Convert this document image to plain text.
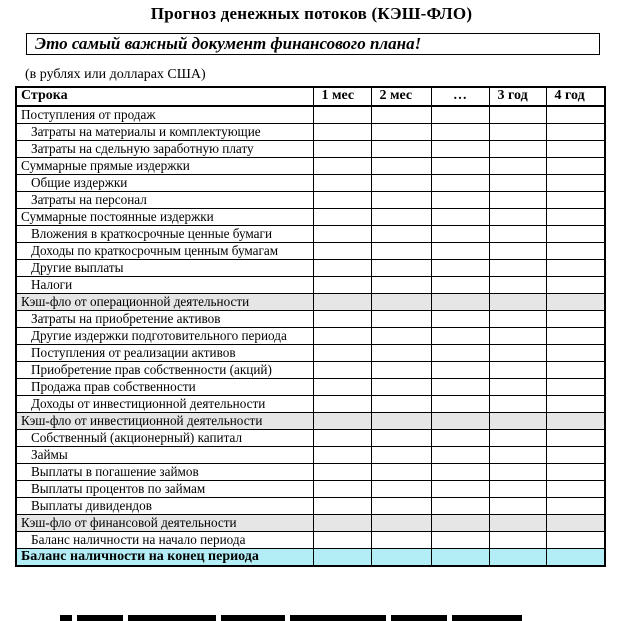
Прогноз денежных потоков (КЭШ-ФЛО)
Это самый важный документ финансового плана!
(в рублях или долларах США)
Строка	1 мес	2 мес	…	3 год	4 год
Поступления от продаж					
Затраты на материалы и комплектующие					
Затраты на сдельную заработную плату					
Суммарные прямые издержки					
Общие издержки					
Затраты на персонал					
Суммарные постоянные издержки					
Вложения в краткосрочные ценные бумаги					
Доходы по краткосрочным ценным бумагам					
Другие выплаты					
Налоги					
Кэш-фло от операционной деятельности					
Затраты на приобретение активов					
Другие издержки подготовительного периода					
Поступления от реализации активов					
Приобретение прав собственности (акций)					
Продажа прав собственности					
Доходы от инвестиционной деятельности					
Кэш-фло от инвестиционной деятельности					
Собственный (акционерный) капитал					
Займы					
Выплаты в погашение займов					
Выплаты процентов по займам					
Выплаты дивидендов					
Кэш-фло от финансовой деятельности					
Баланс наличности на начало периода					
Баланс наличности на конец периода					
